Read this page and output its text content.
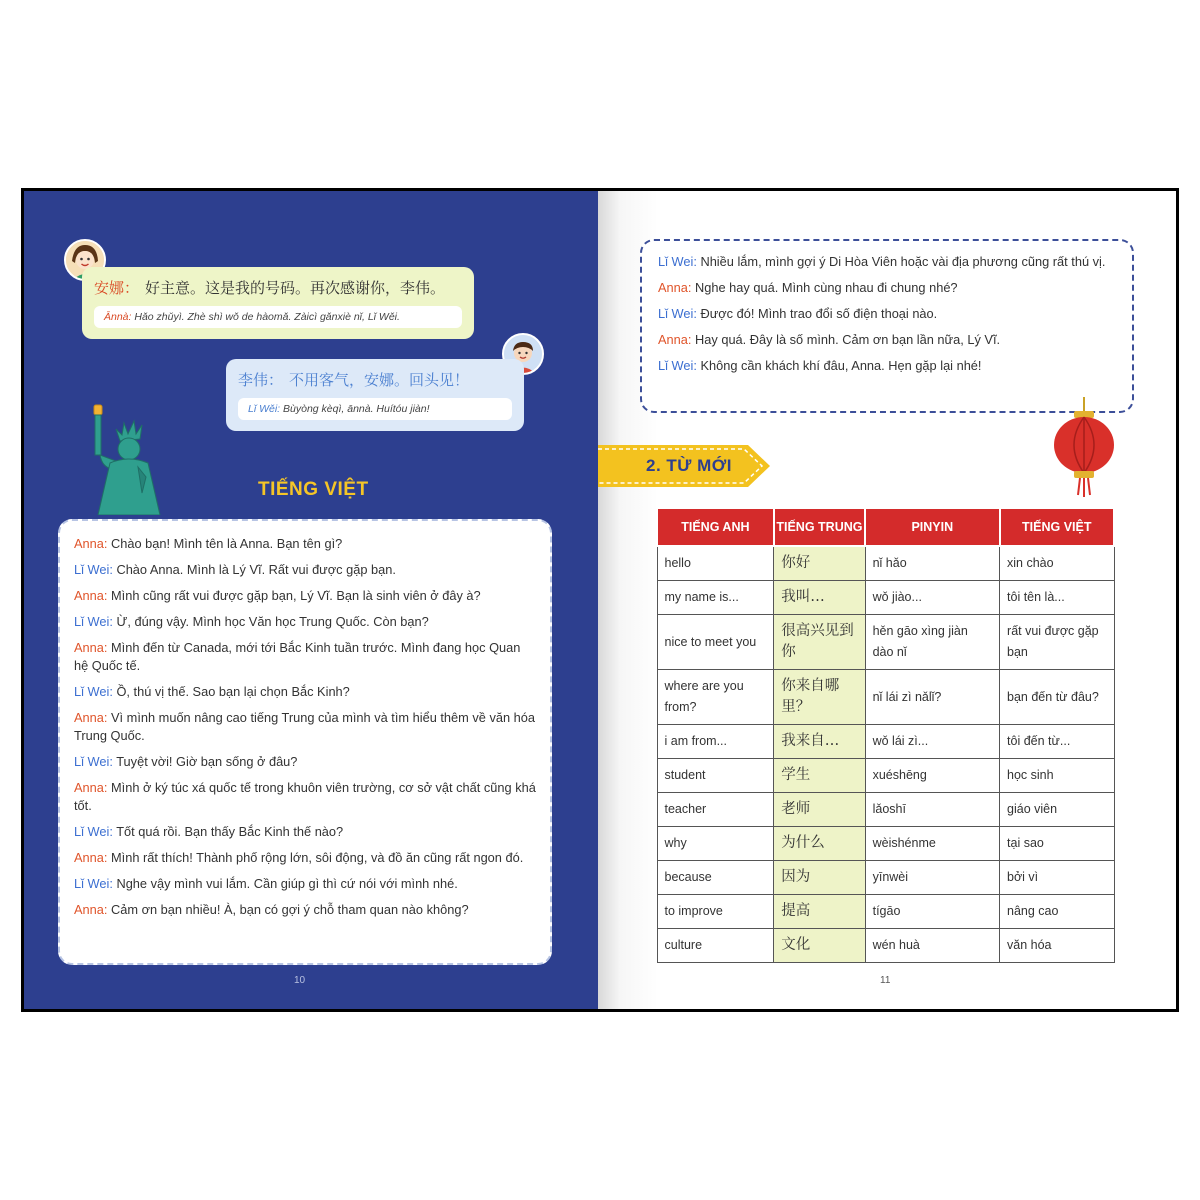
安娜： 好主意。这是我的号码。再次感谢你，李伟。
Ānnà: Hǎo zhǔyì. Zhè shì wǒ de hàomǎ. Zàicì gǎnxiè nǐ, Lǐ Wěi.
李伟： 不用客气，安娜。回头见！
Lǐ Wěi: Bùyòng kèqì, ānnà. Huítóu jiàn!
TIẾNG VIỆT
Anna: Chào bạn! Mình tên là Anna. Bạn tên gì?
Lǐ Wei: Chào Anna. Mình là Lý Vĩ. Rất vui được gặp bạn.
Anna: Mình cũng rất vui được gặp bạn, Lý Vĩ. Bạn là sinh viên ở đây à?
Lǐ Wei: Ừ, đúng vậy. Mình học Văn học Trung Quốc. Còn bạn?
Anna: Mình đến từ Canada, mới tới Bắc Kinh tuần trước. Mình đang học Quan hệ Quốc tế.
Lǐ Wei: Ồ, thú vị thế. Sao bạn lại chọn Bắc Kinh?
Anna: Vì mình muốn nâng cao tiếng Trung của mình và tìm hiểu thêm về văn hóa Trung Quốc.
Lǐ Wei: Tuyệt vời! Giờ bạn sống ở đâu?
Anna: Mình ở ký túc xá quốc tế trong khuôn viên trường, cơ sở vật chất cũng khá tốt.
Lǐ Wei: Tốt quá rồi. Bạn thấy Bắc Kinh thế nào?
Anna: Mình rất thích! Thành phố rộng lớn, sôi động, và đồ ăn cũng rất ngon đó.
Lǐ Wei: Nghe vậy mình vui lắm. Cần giúp gì thì cứ nói với mình nhé.
Anna: Cảm ơn bạn nhiều! À, bạn có gợi ý chỗ tham quan nào không?
10
Lǐ Wei: Nhiều lắm, mình gợi ý Di Hòa Viên hoặc vài địa phương cũng rất thú vị.
Anna: Nghe hay quá. Mình cùng nhau đi chung nhé?
Lǐ Wei: Được đó! Mình trao đổi số điện thoại nào.
Anna: Hay quá. Đây là số mình. Cảm ơn bạn lần nữa, Lý Vĩ.
Lǐ Wei: Không cần khách khí đâu, Anna. Hẹn gặp lại nhé!
2. TỪ MỚI
TIẾNG ANH	TIẾNG TRUNG	PINYIN	TIẾNG VIỆT
hello	你好	nǐ hǎo	xin chào
my name is...	我叫…	wǒ jiào...	tôi tên là...
nice to meet you	很高兴见到你	hěn gāo xìng jiàn dào nǐ	rất vui được gặp bạn
where are you from?	你来自哪里？	nǐ lái zì nǎlǐ?	bạn đến từ đâu?
i am from...	我来自…	wǒ lái zì...	tôi đến từ...
student	学生	xuéshēng	học sinh
teacher	老师	lǎoshī	giáo viên
why	为什么	wèishénme	tại sao
because	因为	yīnwèi	bởi vì
to improve	提高	tígāo	nâng cao
culture	文化	wén huà	văn hóa
11
